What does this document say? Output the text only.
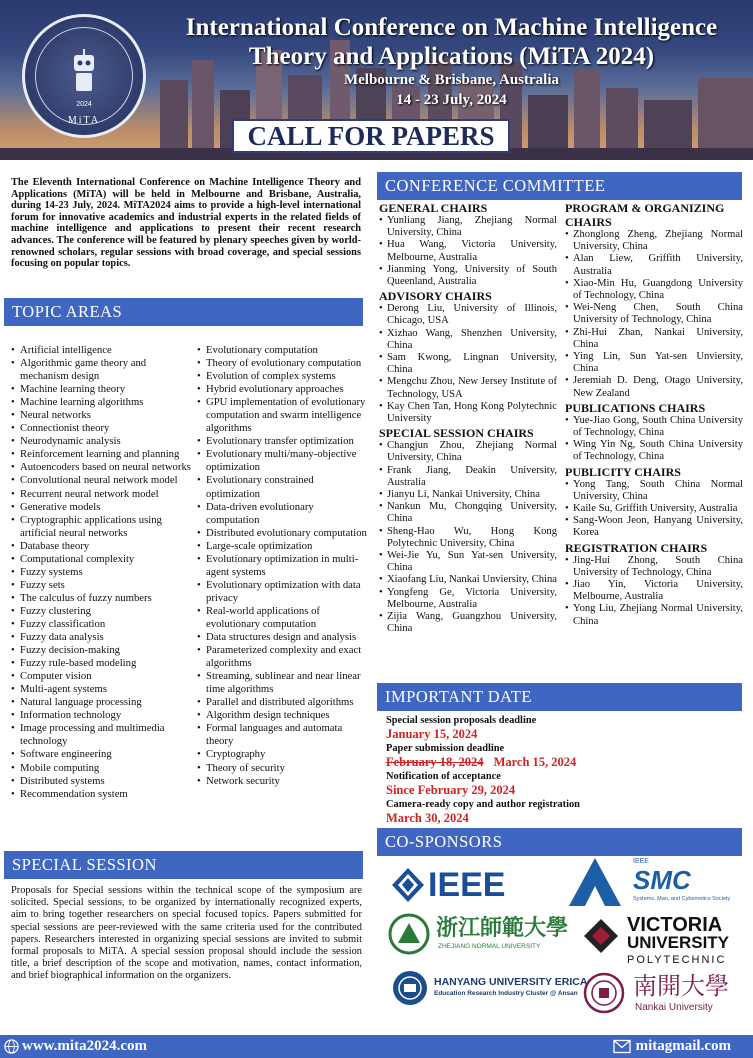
2024
MiTA
International Conference on Machine Intelligence
Theory and Applications (MiTA 2024)
Melbourne & Brisbane, Australia
14 - 23 July, 2024
CALL FOR PAPERS
The Eleventh International Conference on Machine Intelligence Theory and Applications (MiTA) will be held in Melbourne and Brisbane, Australia, during 14-23 July, 2024. MiTA2024 aims to provide a high-level international forum for innovative academics and industrial experts in the related fields of machine intelligence and applications to present their recent research advances. The conference will be featured by plenary speeches given by world-renowned scholars, regular sessions with broad coverage, and special sessions focusing on popular topics.
TOPIC AREAS
• Artificial intelligence
• Algorithmic game theory and mechanism design
• Machine learning theory
• Machine learning algorithms
• Neural networks
• Connectionist theory
• Neurodynamic analysis
• Reinforcement learning and planning
• Autoencoders based on neural networks
• Convolutional neural network model
• Recurrent neural network model
• Generative models
• Cryptographic applications using artificial neural networks
• Database theory
• Computational complexity
• Fuzzy systems
• Fuzzy sets
• The calculus of fuzzy numbers
• Fuzzy clustering
• Fuzzy classification
• Fuzzy data analysis
• Fuzzy decision-making
• Fuzzy rule-based modeling
• Computer vision
• Multi-agent systems
• Natural language processing
• Information technology
• Image processing and multimedia technology
• Software engineering
• Mobile computing
• Distributed systems
• Recommendation system
• Evolutionary computation
• Theory of evolutionary computation
• Evolution of complex systems
• Hybrid evolutionary approaches
• GPU implementation of evolutionary computation and swarm intelligence algorithms
• Evolutionary transfer optimization
• Evolutionary multi/many-objective optimization
• Evolutionary constrained optimization
• Data-driven evolutionary computation
• Distributed evolutionary computation
• Large-scale optimization
• Evolutionary optimization in multi-agent systems
• Evolutionary optimization with data privacy
• Real-world applications of evolutionary computation
• Data structures design and analysis
• Parameterized complexity and exact algorithms
• Streaming, sublinear and near linear time algorithms
• Parallel and distributed algorithms
• Algorithm design techniques
• Formal languages and automata theory
• Cryptography
• Theory of security
• Network security
SPECIAL SESSION
Proposals for Special sessions within the technical scope of the symposium are solicited. Special sessions, to be organized by internationally recognized experts, aim to bring together researchers on special focused topics. Papers submitted for special sessions are peer-reviewed with the same criteria used for the contributed papers. Researchers interested in organizing special sessions are invited to submit formal proposals to MiTA. A special session proposal should include the session title, a brief description of the scope and motivation, names, contact information, and brief biographical information on the organizers.
CONFERENCE COMMITTEE
GENERAL CHAIRS
• Yunliang Jiang, Zhejiang Normal University, China
• Hua Wang, Victoria University, Melbourne, Australia
• Jianming Yong, University of South Queenland, Australia
ADVISORY CHAIRS
• Derong Liu, University of Illinois, Chicago, USA
• Xizhao Wang, Shenzhen University, China
• Sam Kwong, Lingnan University, China
• Mengchu Zhou, New Jersey Institute of Technology, USA
• Kay Chen Tan, Hong Kong Polytechnic University
SPECIAL SESSION CHAIRS
• Changjun Zhou, Zhejiang Normal University, China
• Frank Jiang, Deakin University, Australia
• Jianyu Li, Nankai University, China
• Nankun Mu, Chongqing University, China
• Sheng-Hao Wu, Hong Kong Polytechnic University, China
• Wei-Jie Yu, Sun Yat-sen University, China
• Xiaofang Liu, Nankai Unviersity, China
• Yongfeng Ge, Victoria University, Melbourne, Australia
• Zijia Wang, Guangzhou University, China
PROGRAM & ORGANIZING CHAIRS
• Zhonglong Zheng, Zhejiang Normal University, China
• Alan Liew, Griffith University, Australia
• Xiao-Min Hu, Guangdong University of Technology, China
• Wei-Neng Chen, South China University of Technology, China
• Zhi-Hui Zhan, Nankai University, China
• Ying Lin, Sun Yat-sen Unviersity, China
• Jeremiah D. Deng, Otago University, New Zealand
PUBLICATIONS CHAIRS
• Yue-Jiao Gong, South China University of Technology, China
• Wing Yin Ng, South China University of Technology, China
PUBLICITY CHAIRS
• Yong Tang, South China Normal University, China
• Kaile Su, Griffith University, Australia
• Sang-Woon Jeon, Hanyang University, Korea
REGISTRATION CHAIRS
• Jing-Hui Zhong, South China University of Technology, China
• Jiao Yin, Victoria University, Melbourne, Australia
• Yong Liu, Zhejiang Normal University, China
IMPORTANT DATE
Special session proposals deadline
January 15, 2024
Paper submission deadline
February 18, 2024 March 15, 2024
Notification of acceptance
Since February 29, 2024
Camera-ready copy and author registration
March 30, 2024
CO-SPONSORS
IEEE
IEEE
SMC
Systems, Man, and Cybernetics Society
浙江師範大學
ZHEJIANG NORMAL UNIVERSITY
VICTORIA
UNIVERSITY
POLYTECHNIC
HANYANG UNIVERSITY ERICA
Education Research Industry Cluster @ Ansan 南開大學
Nankai University
www.mita2024.com	mitagmail.com
